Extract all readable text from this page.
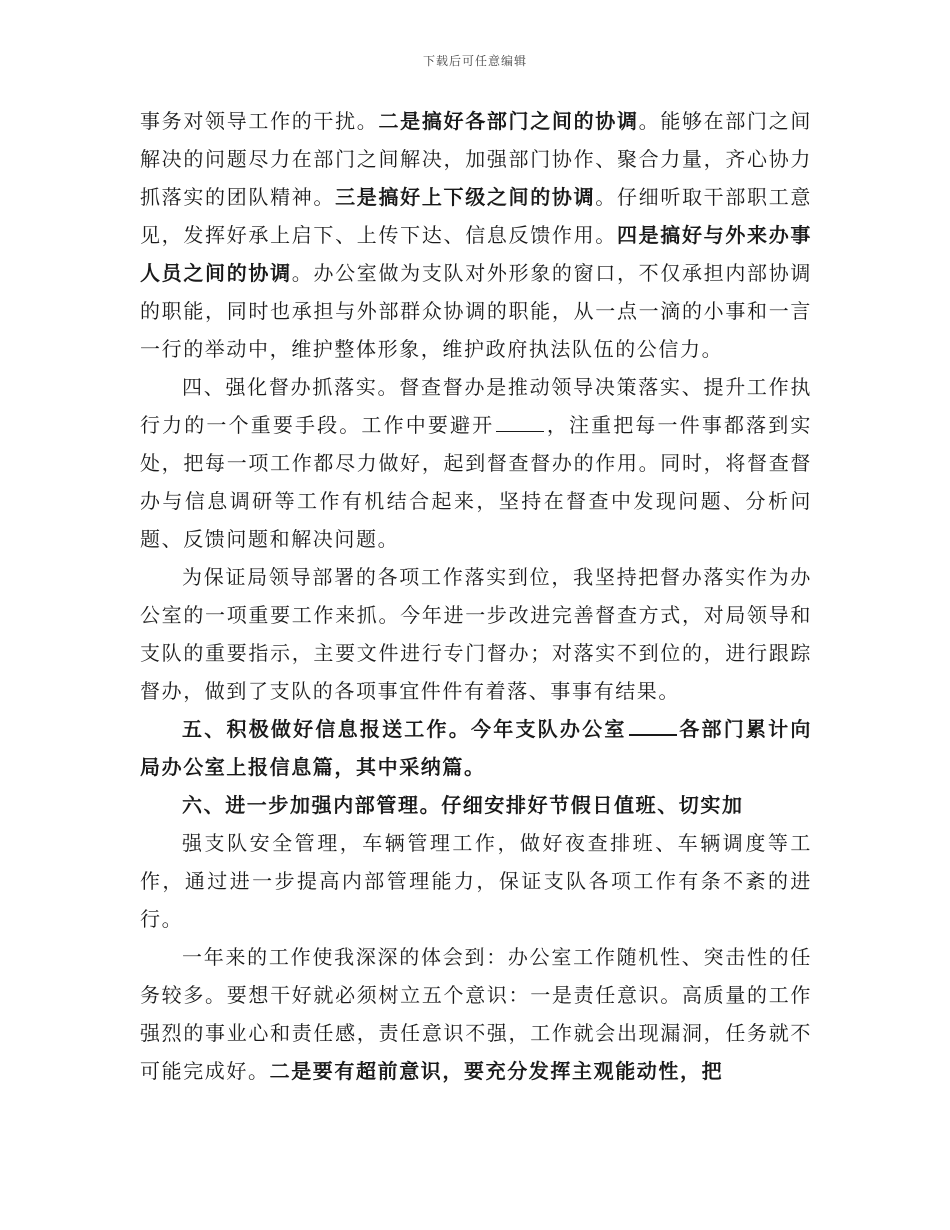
下载后可任意编辑

事务对领导工作的干扰。二是搞好各部门之间的协调。能够在部门之间解决的问题尽力在部门之间解决，加强部门协作、聚合力量，齐心协力抓落实的团队精神。三是搞好上下级之间的协调。仔细听取干部职工意见，发挥好承上启下、上传下达、信息反馈作用。四是搞好与外来办事人员之间的协调。办公室做为支队对外形象的窗口，不仅承担内部协调的职能，同时也承担与外部群众协调的职能，从一点一滴的小事和一言一行的举动中，维护整体形象，维护政府执法队伍的公信力。

四、强化督办抓落实。督查督办是推动领导决策落实、提升工作执行力的一个重要手段。工作中要避开	，注重把每一件事都落到实处，把每一项工作都尽力做好，起到督查督办的作用。同时，将督查督办与信息调研等工作有机结合起来，坚持在督查中发现问题、分析问题、反馈问题和解决问题。

为保证局领导部署的各项工作落实到位，我坚持把督办落实作为办公室的一项重要工作来抓。今年进一步改进完善督查方式，对局领导和支队的重要指示，主要文件进行专门督办；对落实不到位的，进行跟踪督办，做到了支队的各项事宜件件有着落、事事有结果。

五、积极做好信息报送工作。今年支队办公室	各部门累计向局办公室上报信息篇，其中采纳篇。

六、进一步加强内部管理。仔细安排好节假日值班、切实加

强支队安全管理，车辆管理工作，做好夜查排班、车辆调度等工作，通过进一步提高内部管理能力，保证支队各项工作有条不紊的进行。

一年来的工作使我深深的体会到：办公室工作随机性、突击性的任务较多。要想干好就必须树立五个意识：一是责任意识。高质量的工作强烈的事业心和责任感，责任意识不强，工作就会出现漏洞，任务就不可能完成好。二是要有超前意识，要充分发挥主观能动性，把
